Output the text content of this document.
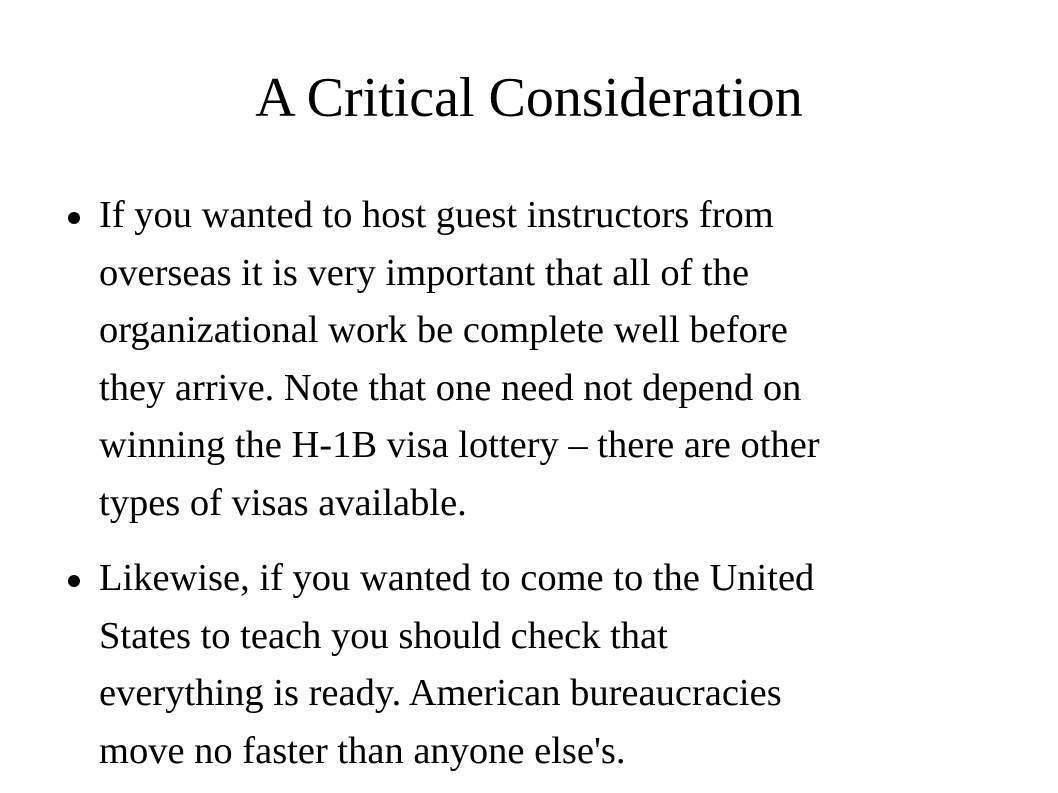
A Critical Consideration
If you wanted to host guest instructors from
overseas it is very important that all of the
organizational work be complete well before
they arrive. Note that one need not depend on
winning the H-1B visa lottery – there are other
types of visas available.
Likewise, if you wanted to come to the United
States to teach you should check that
everything is ready. American bureaucracies
move no faster than anyone else's.
